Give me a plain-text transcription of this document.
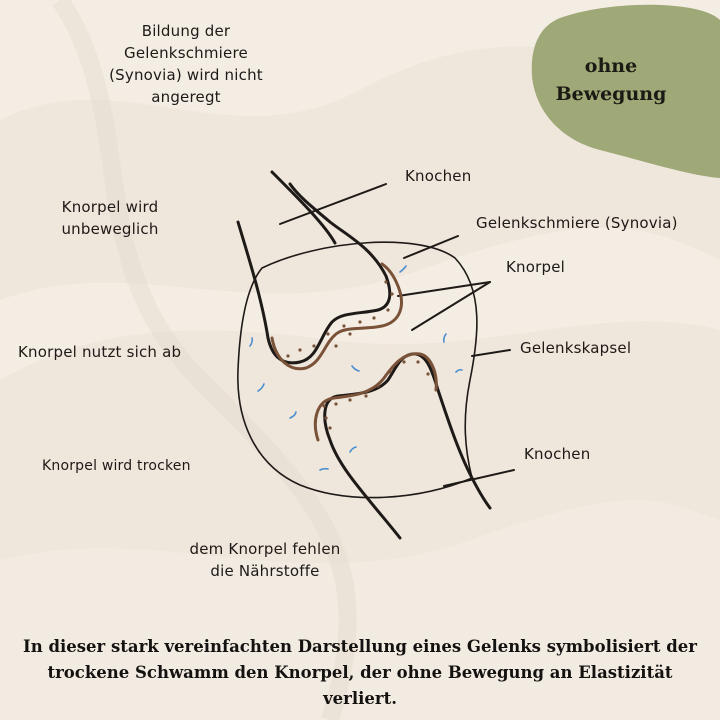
ohne
Bewegung
Bildung der
Gelenkschmiere
(Synovia) wird nicht
angeregt
Knorpel wird
unbeweglich
Knorpel nutzt sich ab
Knorpel wird trocken
dem Knorpel fehlen
die Nährstoffe
Knochen
Gelenkschmiere (Synovia)
Knorpel
Gelenkskapsel
Knochen
In dieser stark vereinfachten Darstellung eines Gelenks symbolisiert der
trockene Schwamm den Knorpel, der ohne Bewegung an Elastizität
verliert.
